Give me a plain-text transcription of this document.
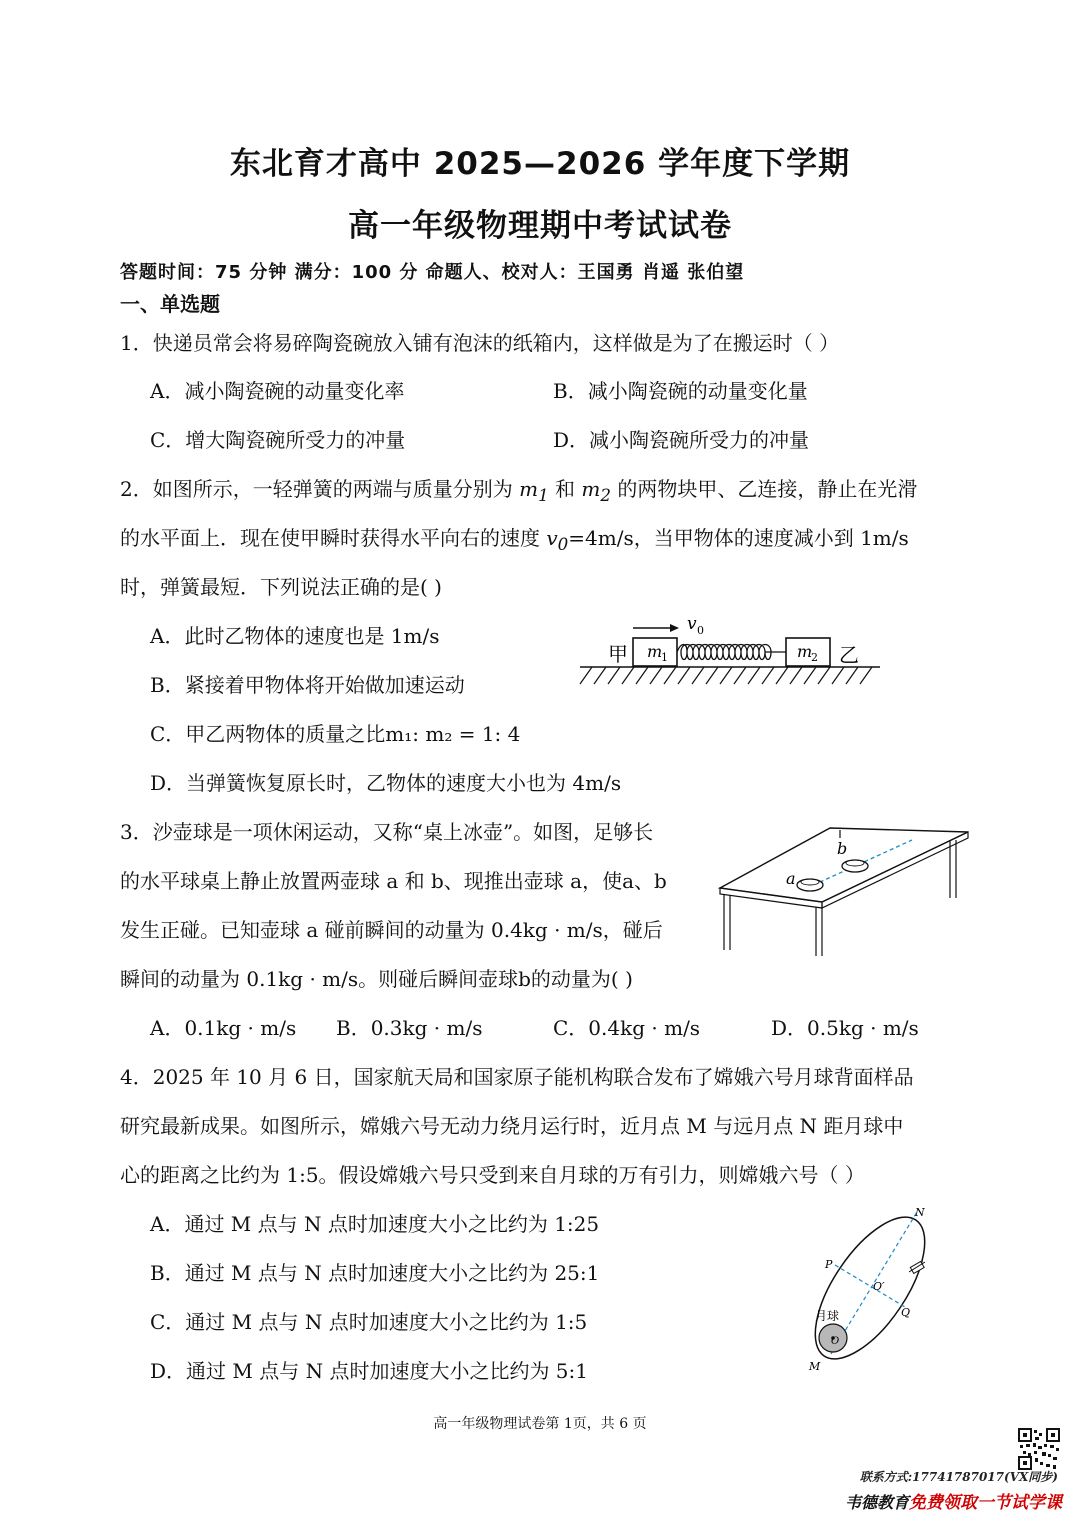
东北育才高中 2025—2026 学年度下学期
高一年级物理期中考试试卷
答题时间：75 分钟 满分：100 分 命题人、校对人：王国勇 肖遥 张伯望
一、单选题
1．快递员常会将易碎陶瓷碗放入铺有泡沫的纸箱内，这样做是为了在搬运时（ ）
A．减小陶瓷碗的动量变化率	B．减小陶瓷碗的动量变化量
C．增大陶瓷碗所受力的冲量	D．减小陶瓷碗所受力的冲量
2．如图所示，一轻弹簧的两端与质量分别为 $m_1$ 和 $m_2$ 的两物块甲、乙连接，静止在光滑
的水平面上．现在使甲瞬时获得水平向右的速度 $v_0=4m/s$，当甲物体的速度减小到 1m/s
时，弹簧最短．下列说法正确的是( )
A．此时乙物体的速度也是 1m/s
B．紧接着甲物体将开始做加速运动
C．甲乙两物体的质量之比m₁: m₂ = 1: 4
D．当弹簧恢复原长时，乙物体的速度大小也为 4m/s
甲 m
1	m
2 乙
v 0
3．沙壶球是一项休闲运动，又称“桌上冰壶”。如图，足够长
的水平球桌上静止放置两壶球 a 和 b、现推出壶球 a，使a、b
发生正碰。已知壶球 a 碰前瞬间的动量为 0.4kg · m/s，碰后
瞬间的动量为 0.1kg · m/s。则碰后瞬间壶球b的动量为( )
A．0.1kg · m/s B．0.3kg · m/s	C．0.4kg · m/s	D．0.5kg · m/s
a
b
4．2025 年 10 月 6 日，国家航天局和国家原子能机构联合发布了嫦娥六号月球背面样品
研究最新成果。如图所示，嫦娥六号无动力绕月运行时，近月点 M 与远月点 N 距月球中
心的距离之比约为 1:5。假设嫦娥六号只受到来自月球的万有引力，则嫦娥六号（ ）
A．通过 M 点与 N 点时加速度大小之比约为 1:25
B．通过 M 点与 N 点时加速度大小之比约为 25:1
C．通过 M 点与 N 点时加速度大小之比约为 1:5
D．通过 M 点与 N 点时加速度大小之比约为 5:1
N
P
O′
Q
月球
O
M
高一年级物理试卷第 1页，共 6 页
联系方式:17741787017(VX同步)
韦德教育免费领取一节试学课
